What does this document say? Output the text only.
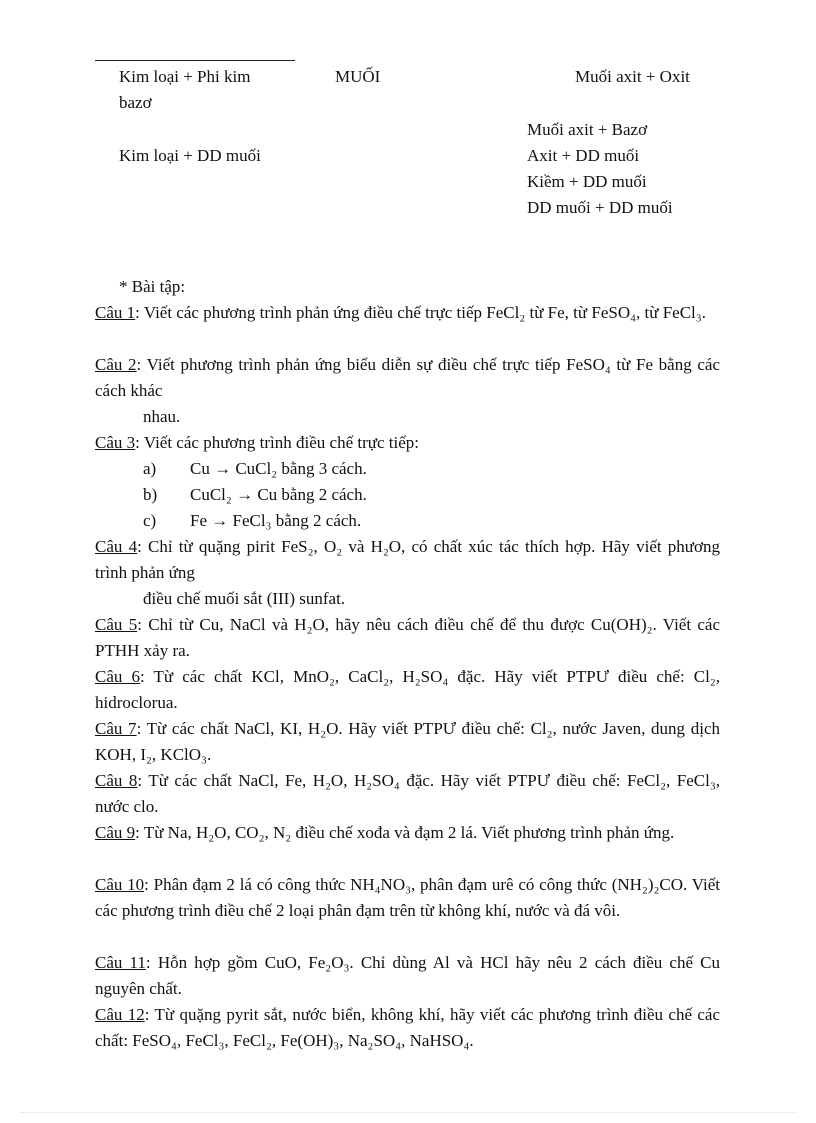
Kim loại + Phi kim
bazơ
Kim loại + DD muối
MUỐI	Muối axit + Oxit
Muối axit + Bazơ
Axit + DD muối
Kiềm + DD muối
DD muối + DD muối
* Bài tập:

Câu 1: Viết các phương trình phản ứng điều chế trực tiếp FeCl₂ từ Fe, từ FeSO₄, từ FeCl₃.

Câu 2: Viết phương trình phản ứng biểu diễn sự điều chế trực tiếp FeSO₄ từ Fe bằng các cách khác

nhau.

Câu 3: Viết các phương trình điều chế trực tiếp:

a) Cu → CuCl₂ bằng 3 cách.
b) CuCl₂ → Cu bằng 2 cách.
c) Fe → FeCl₃ bằng 2 cách.

Câu 4: Chỉ từ quặng pirit FeS₂, O₂ và H₂O, có chất xúc tác thích hợp. Hãy viết phương trình phản ứng

điều chế muối sắt (III) sunfat.

Câu 5: Chỉ từ Cu, NaCl và H₂O, hãy nêu cách điều chế để thu được Cu(OH)₂. Viết các PTHH xảy ra.

Câu 6: Từ các chất KCl, MnO₂, CaCl₂, H₂SO₄ đặc. Hãy viết PTPƯ điều chế: Cl₂, hidroclorua.

Câu 7: Từ các chất NaCl, KI, H₂O. Hãy viết PTPƯ điều chế: Cl₂, nước Javen, dung dịch KOH, I₂, KClO₃.

Câu 8: Từ các chất NaCl, Fe, H₂O, H₂SO₄ đặc. Hãy viết PTPƯ điều chế: FeCl₂, FeCl₃, nước clo.

Câu 9: Từ Na, H₂O, CO₂, N₂ điều chế xođa và đạm 2 lá. Viết phương trình phản ứng.

Câu 10: Phân đạm 2 lá có công thức NH₄NO₃, phân đạm urê có công thức (NH₂)₂CO. Viết các phương trình điều chế 2 loại phân đạm trên từ không khí, nước và đá vôi.

Câu 11: Hỗn hợp gồm CuO, Fe₂O₃. Chỉ dùng Al và HCl hãy nêu 2 cách điều chế Cu nguyên chất.

Câu 12: Từ quặng pyrit sắt, nước biển, không khí, hãy viết các phương trình điều chế các chất: FeSO₄, FeCl₃, FeCl₂, Fe(OH)₃, Na₂SO₄, NaHSO₄.
